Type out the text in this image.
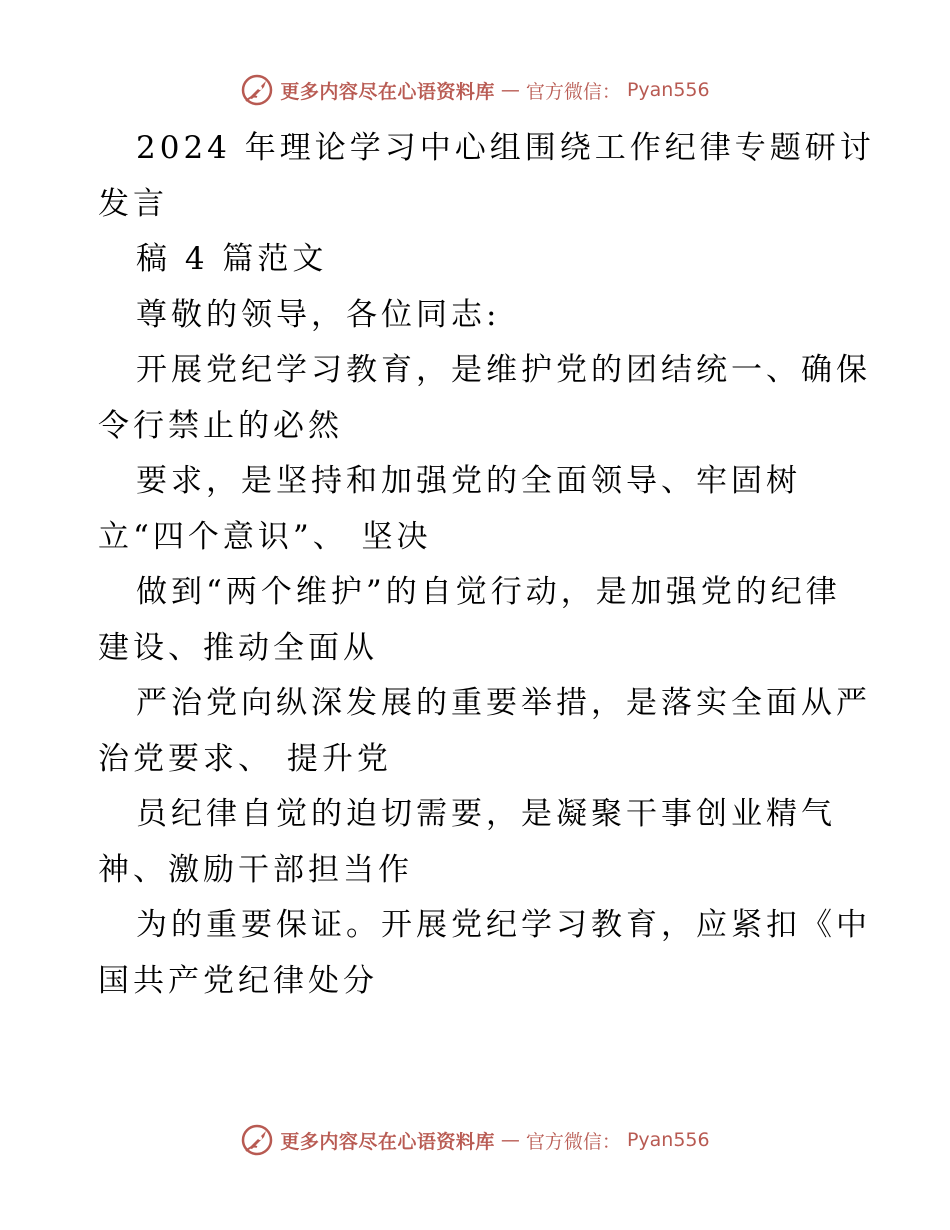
更多内容尽在心语资料库 — 官方微信： Pyan556
2024 年理论学习中心组围绕工作纪律专题研讨
发言
稿 4 篇范文
尊敬的领导，各位同志:
开展党纪学习教育，是维护党的团结统一、确保
令行禁止的必然
要求，是坚持和加强党的全面领导、牢固树
立“四个意识”、 坚决
做到“两个维护”的自觉行动，是加强党的纪律
建设、推动全面从
严治党向纵深发展的重要举措，是落实全面从严
治党要求、 提升党
员纪律自觉的迫切需要，是凝聚干事创业精气
神、激励干部担当作
为的重要保证。开展党纪学习教育，应紧扣《中
国共产党纪律处分
更多内容尽在心语资料库 — 官方微信： Pyan556
